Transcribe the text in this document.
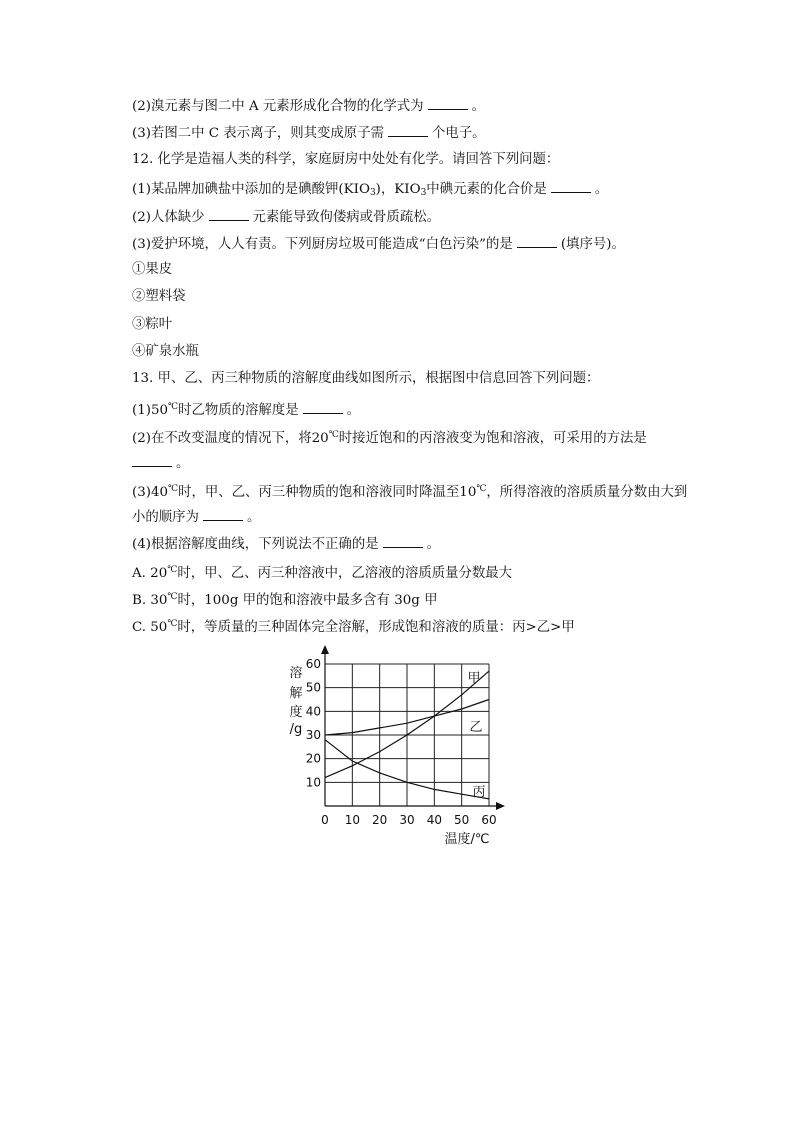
(2)溴元素与图二中 A 元素形成化合物的化学式为	。
(3)若图二中 C 表示离子，则其变成原子需	个电子。
12. 化学是造福人类的科学，家庭厨房中处处有化学。请回答下列问题：
(1)某品牌加碘盐中添加的是碘酸钾$(KIO_3)$，$KIO_3$中碘元素的化合价是	。
(2)人体缺少	元素能导致佝偻病或骨质疏松。
(3)爱护环境，人人有责。下列厨房垃圾可能造成“白色污染”的是	(填序号)。
①果皮
②塑料袋
③粽叶
④矿泉水瓶
13. 甲、乙、丙三种物质的溶解度曲线如图所示，根据图中信息回答下列问题：
(1)50℃时乙物质的溶解度是	。
(2)在不改变温度的情况下，将20℃时接近饱和的丙溶液变为饱和溶液，可采用的方法是
。
(3)40℃时，甲、乙、丙三种物质的饱和溶液同时降温至10℃，所得溶液的溶质质量分数由大到
小的顺序为	。
(4)根据溶解度曲线，下列说法不正确的是	。
A. 20℃时，甲、乙、丙三种溶液中，乙溶液的溶质质量分数最大
B. 30℃时，100g 甲的饱和溶液中最多含有 30g 甲
C. 50℃时，等质量的三种固体完全溶解，形成饱和溶液的质量：丙>乙>甲
0 10 20 30 40 50 60
10
20
30
40
50
60
溶
解
度
/g
温度/℃
甲
乙
丙
